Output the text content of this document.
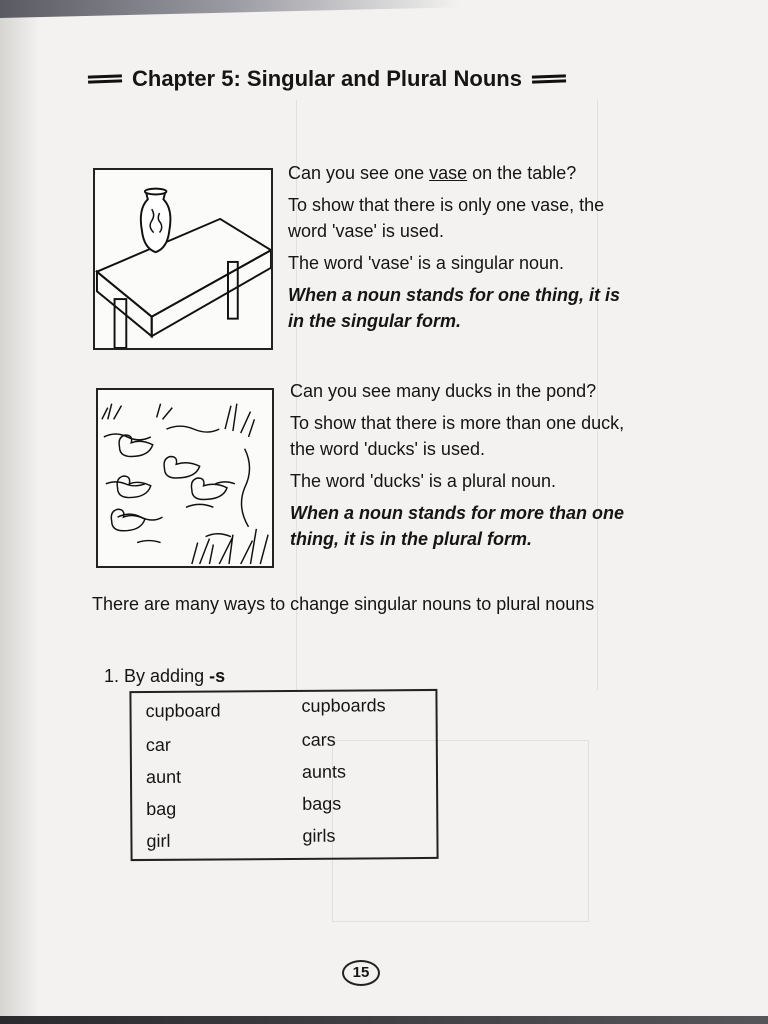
Chapter 5: Singular and Plural Nouns

Can you see one vase on the table?

To show that there is only one vase, the word 'vase' is used.

The word 'vase' is a singular noun.

When a noun stands for one thing, it is in the singular form.

Can you see many ducks in the pond?

To show that there is more than one duck, the word 'ducks' is used.

The word 'ducks' is a plural noun.

When a noun stands for more than one thing, it is in the plural form.

There are many ways to change singular nouns to plural nouns
1. By adding -s
cupboard	cupboards
car	cars
aunt	aunts
bag	bags
girl	girls
15
